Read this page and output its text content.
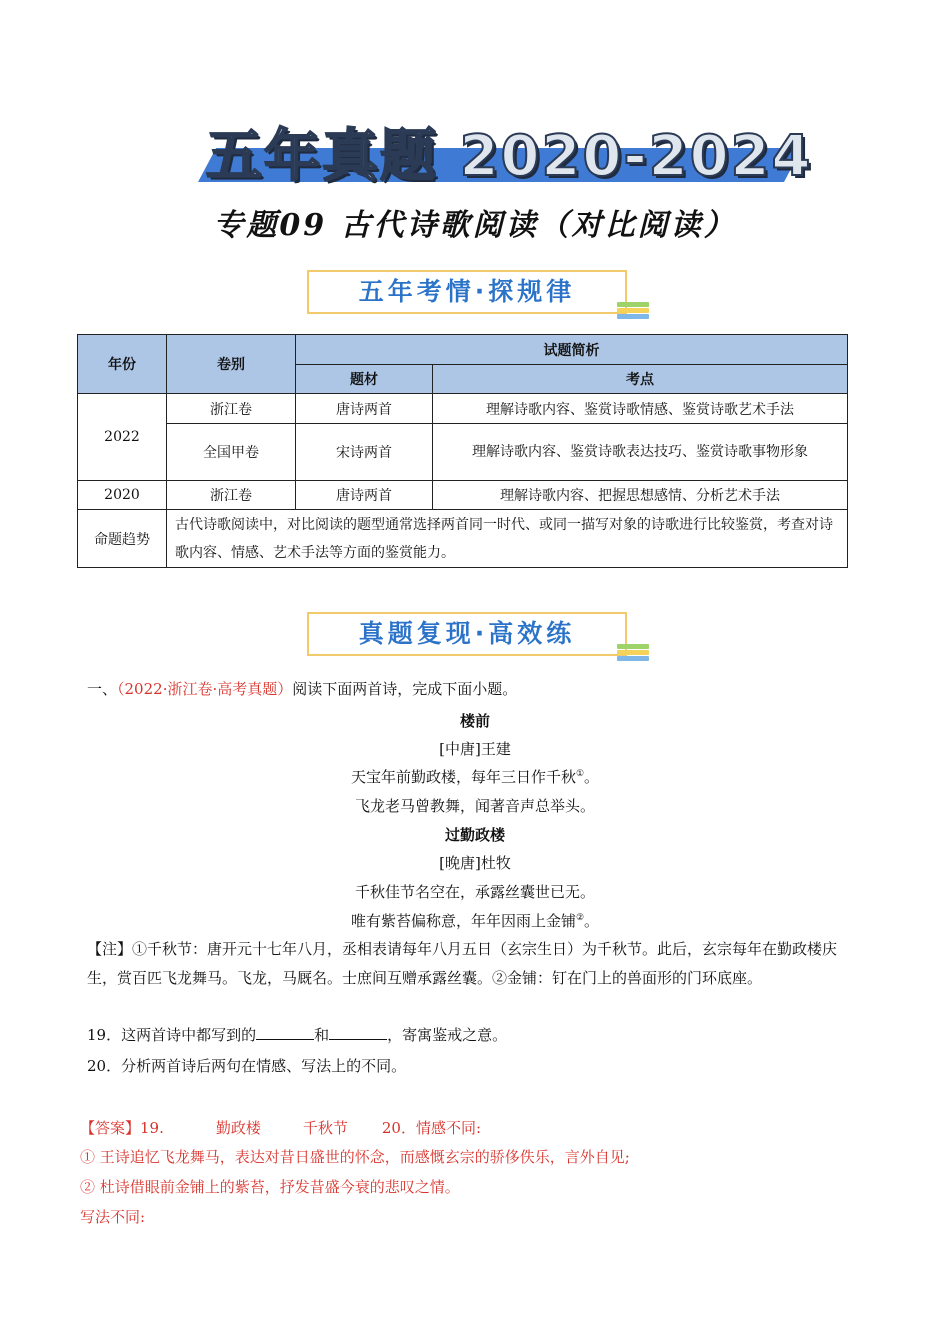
五年真题 2020-2024
专题09 古代诗歌阅读（对比阅读）
五年考情·探规律
年份	卷别	试题简析	
		题材	考点
2022	浙江卷	唐诗两首	理解诗歌内容、鉴赏诗歌情感、鉴赏诗歌艺术手法
	全国甲卷	宋诗两首	理解诗歌内容、鉴赏诗歌表达技巧、鉴赏诗歌事物形象
2020	浙江卷	唐诗两首	理解诗歌内容、把握思想感情、分析艺术手法
命题趋势	古代诗歌阅读中，对比阅读的题型通常选择两首同一时代、或同一描写对象的诗歌进行比较鉴赏，考查对诗歌内容、情感、艺术手法等方面的鉴赏能力。		
真题复现·高效练
一、（2022·浙江卷·高考真题）阅读下面两首诗，完成下面小题。
楼前
[中唐]王建
天宝年前勤政楼，每年三日作千秋①。
飞龙老马曾教舞，闻著音声总举头。
过勤政楼
[晚唐]杜牧
千秋佳节名空在，承露丝囊世已无。
唯有紫苔偏称意，年年因雨上金铺②。
【注】①千秋节：唐开元十七年八月，丞相表请每年八月五日（玄宗生日）为千秋节。此后，玄宗每年在勤政楼庆生，赏百匹飞龙舞马。飞龙，马厩名。士庶间互赠承露丝囊。②金铺：钉在门上的兽面形的门环底座。
19．这两首诗中都写到的	和	，寄寓鉴戒之意。
20．分析两首诗后两句在情感、写法上的不同。
【答案】19.	勤政楼	千秋节 20．情感不同:
① 王诗追忆飞龙舞马，表达对昔日盛世的怀念，而感慨玄宗的骄侈佚乐，言外自见;
② 杜诗借眼前金铺上的紫苔，抒发昔盛今衰的悲叹之情。
写法不同:
